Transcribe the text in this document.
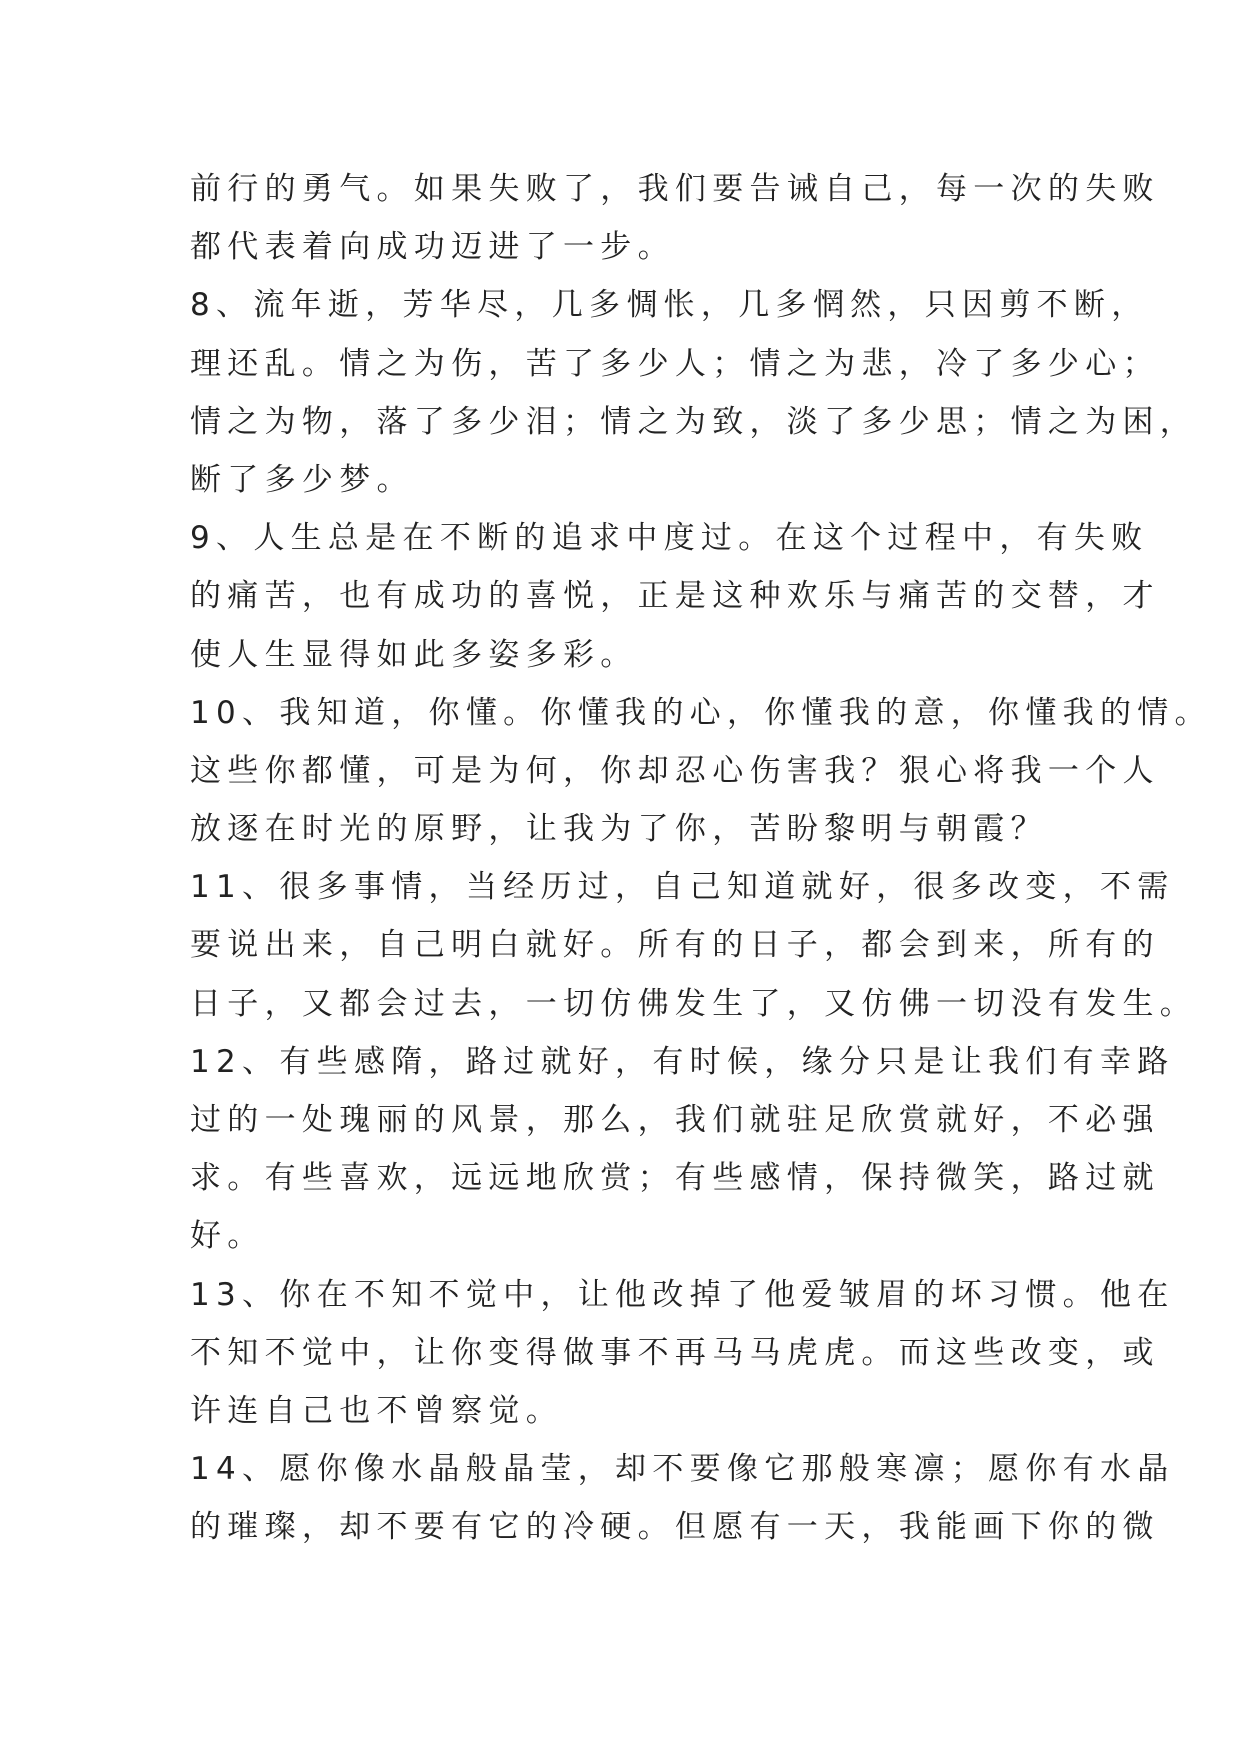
前行的勇气。如果失败了，我们要告诫自己，每一次的失败
都代表着向成功迈进了一步。
8、流年逝，芳华尽，几多惆怅，几多惘然，只因剪不断，
理还乱。情之为伤，苦了多少人；情之为悲，冷了多少心；
情之为物，落了多少泪；情之为致，淡了多少思；情之为困，
断了多少梦。
9、人生总是在不断的追求中度过。在这个过程中，有失败
的痛苦，也有成功的喜悦，正是这种欢乐与痛苦的交替，才
使人生显得如此多姿多彩。
10、我知道，你懂。你懂我的心，你懂我的意，你懂我的情。
这些你都懂，可是为何，你却忍心伤害我？狠心将我一个人
放逐在时光的原野，让我为了你，苦盼黎明与朝霞？
11、很多事情，当经历过，自己知道就好，很多改变，不需
要说出来，自己明白就好。所有的日子，都会到来，所有的
日子，又都会过去，一切仿佛发生了，又仿佛一切没有发生。
12、有些感隋，路过就好，有时候，缘分只是让我们有幸路
过的一处瑰丽的风景，那么，我们就驻足欣赏就好，不必强
求。有些喜欢，远远地欣赏；有些感情，保持微笑，路过就
好。
13、你在不知不觉中，让他改掉了他爱皱眉的坏习惯。他在
不知不觉中，让你变得做事不再马马虎虎。而这些改变，或
许连自己也不曾察觉。
14、愿你像水晶般晶莹，却不要像它那般寒凛；愿你有水晶
的璀璨，却不要有它的冷硬。但愿有一天，我能画下你的微
